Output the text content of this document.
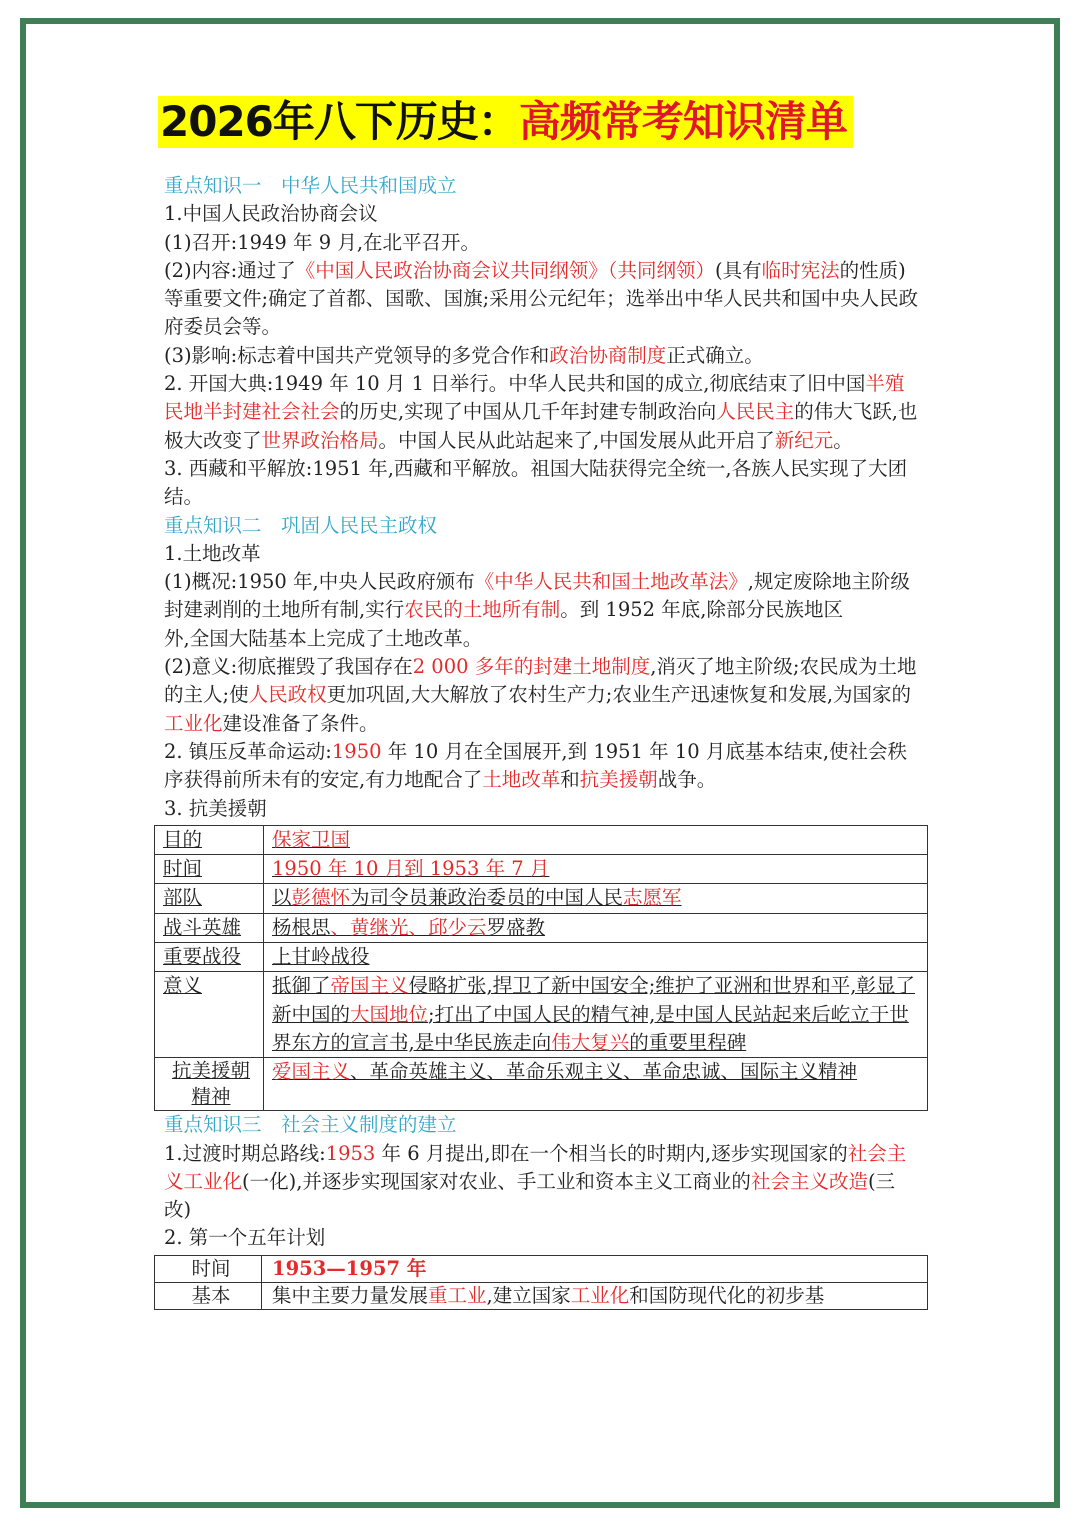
2026年八下历史：高频常考知识清单

重点知识一　中华人民共和国成立

1.中国人民政治协商会议

(1)召开:1949 年 9 月,在北平召开。

(2)内容:通过了《中国人民政治协商会议共同纲领》（共同纲领）(具有临时宪法的性质)等重要文件;确定了首都、国歌、国旗;采用公元纪年；选举出中华人民共和国中央人民政府委员会等。

(3)影响:标志着中国共产党领导的多党合作和政治协商制度正式确立。

2. 开国大典:1949 年 10 月 1 日举行。中华人民共和国的成立,彻底结束了旧中国半殖民地半封建社会社会的历史,实现了中国从几千年封建专制政治向人民民主的伟大飞跃,也极大改变了世界政治格局。中国人民从此站起来了,中国发展从此开启了新纪元。

3. 西藏和平解放:1951 年,西藏和平解放。祖国大陆获得完全统一,各族人民实现了大团结。

重点知识二　巩固人民民主政权

1.土地改革

(1)概况:1950 年,中央人民政府颁布《中华人民共和国土地改革法》,规定废除地主阶级封建剥削的土地所有制,实行农民的土地所有制。到 1952 年底,除部分民族地区

外,全国大陆基本上完成了土地改革。

(2)意义:彻底摧毁了我国存在2 000 多年的封建土地制度,消灭了地主阶级;农民成为土地的主人;使人民政权更加巩固,大大解放了农村生产力;农业生产迅速恢复和发展,为国家的工业化建设准备了条件。

2. 镇压反革命运动:1950 年 10 月在全国展开,到 1951 年 10 月底基本结束,使社会秩序获得前所未有的安定,有力地配合了土地改革和抗美援朝战争。

3. 抗美援朝

目的	保家卫国
时间	1950 年 10 月到 1953 年 7 月
部队	以彭德怀为司令员兼政治委员的中国人民志愿军
战斗英雄	杨根思、黄继光、邱少云罗盛教
重要战役	上甘岭战役
意义	抵御了帝国主义侵略扩张,捍卫了新中国安全;维护了亚洲和世界和平,彰显了新中国的大国地位;打出了中国人民的精气神,是中国人民站起来后屹立于世界东方的宣言书,是中华民族走向伟大复兴的重要里程碑
抗美援朝
精神	爱国主义、革命英雄主义、革命乐观主义、革命忠诚、国际主义精神

重点知识三　社会主义制度的建立

1.过渡时期总路线:1953 年 6 月提出,即在一个相当长的时期内,逐步实现国家的社会主义工业化(一化),并逐步实现国家对农业、手工业和资本主义工商业的社会主义改造(三改)

2. 第一个五年计划

时间	1953—1957 年
基本	集中主要力量发展重工业,建立国家工业化和国防现代化的初步基
